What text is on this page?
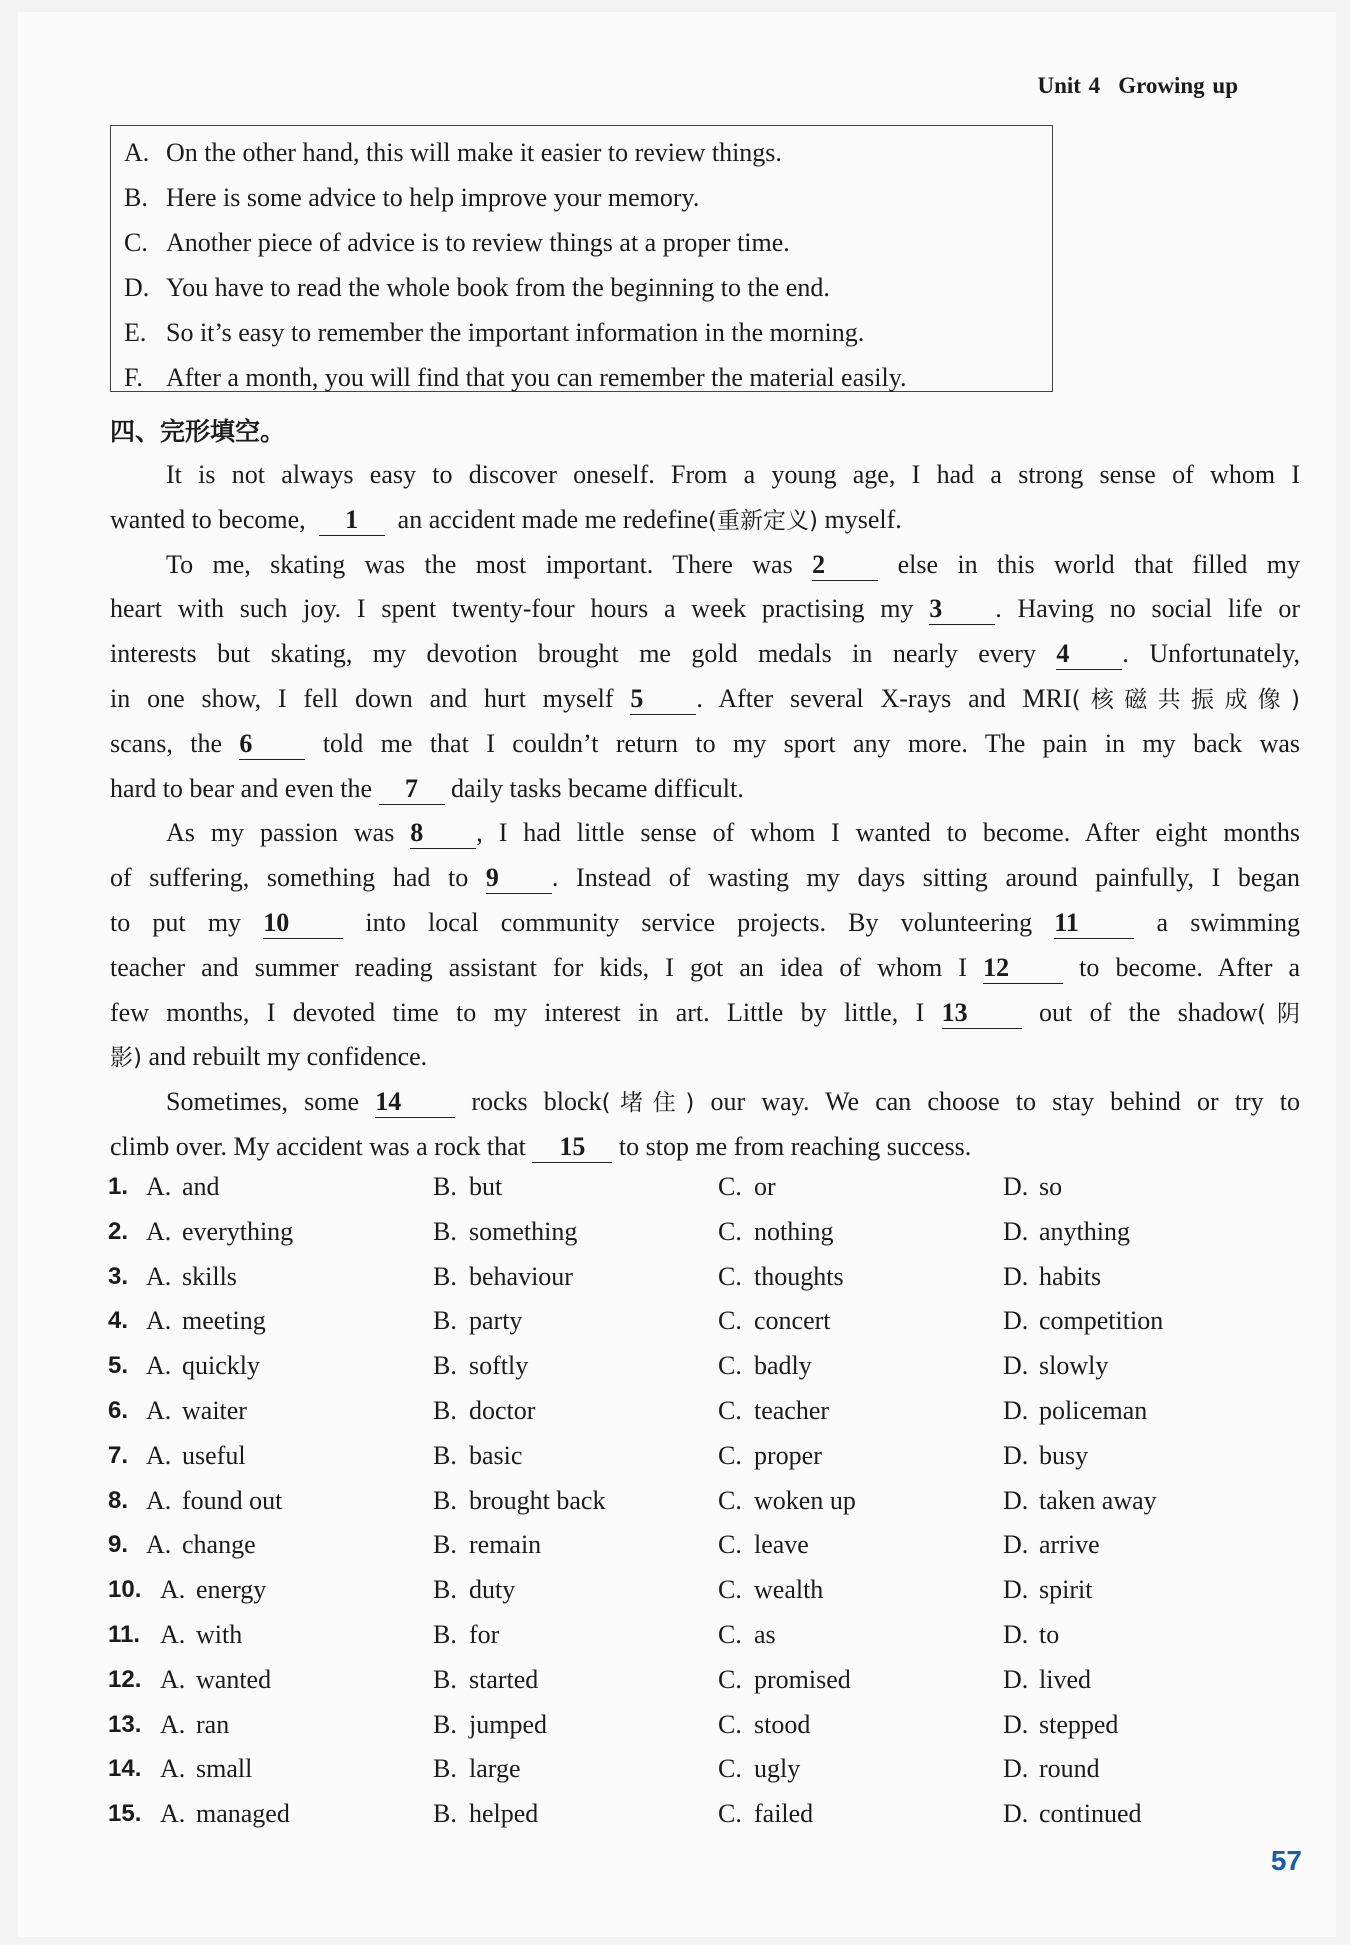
Unit 4 Growing up
A. On the other hand, this will make it easier to review things.
B. Here is some advice to help improve your memory.
C. Another piece of advice is to review things at a proper time.
D. You have to read the whole book from the beginning to the end.
E. So it’s easy to remember the important information in the morning.
F. After a month, you will find that you can remember the material easily.
四、完形填空。
It is not always easy to discover oneself. From a young age, I had a strong sense of whom I
wanted to become, 1 an accident made me redefine(重新定义) myself.
To me, skating was the most important. There was 2	else in this world that filled my
heart with such joy. I spent twenty-four hours a week practising my 3 . Having no social life or
interests but skating, my devotion brought me gold medals in nearly every 4 . Unfortunately,
in one show, I fell down and hurt myself 5 . After several X-rays and MRI(核磁共振成像)
scans, the 6	told me that I couldn’t return to my sport any more. The pain in my back was
hard to bear and even the 7 daily tasks became difficult.
As my passion was 8 , I had little sense of whom I wanted to become. After eight months
of suffering, something had to 9 . Instead of wasting my days sitting around painfully, I began
to put my 10	into local community service projects. By volunteering 11	a swimming
teacher and summer reading assistant for kids, I got an idea of whom I 12	to become. After a
few months, I devoted time to my interest in art. Little by little, I 13	out of the shadow(阴
影) and rebuilt my confidence.
Sometimes, some 14	rocks block(堵住) our way. We can choose to stay behind or try to
climb over. My accident was a rock that 15 to stop me from reaching success.
1. A. and	B. but	C. or	D. so
2. A. everything	B. something	C. nothing	D. anything
3. A. skills	B. behaviour	C. thoughts	D. habits
4. A. meeting	B. party	C. concert	D. competition
5. A. quickly	B. softly	C. badly	D. slowly
6. A. waiter	B. doctor	C. teacher	D. policeman
7. A. useful	B. basic	C. proper	D. busy
8. A. found out	B. brought back	C. woken up	D. taken away
9. A. change	B. remain	C. leave	D. arrive
10. A. energy	B. duty	C. wealth	D. spirit
11. A. with	B. for	C. as	D. to
12. A. wanted	B. started	C. promised	D. lived
13. A. ran	B. jumped	C. stood	D. stepped
14. A. small	B. large	C. ugly	D. round
15. A. managed	B. helped	C. failed	D. continued
57
